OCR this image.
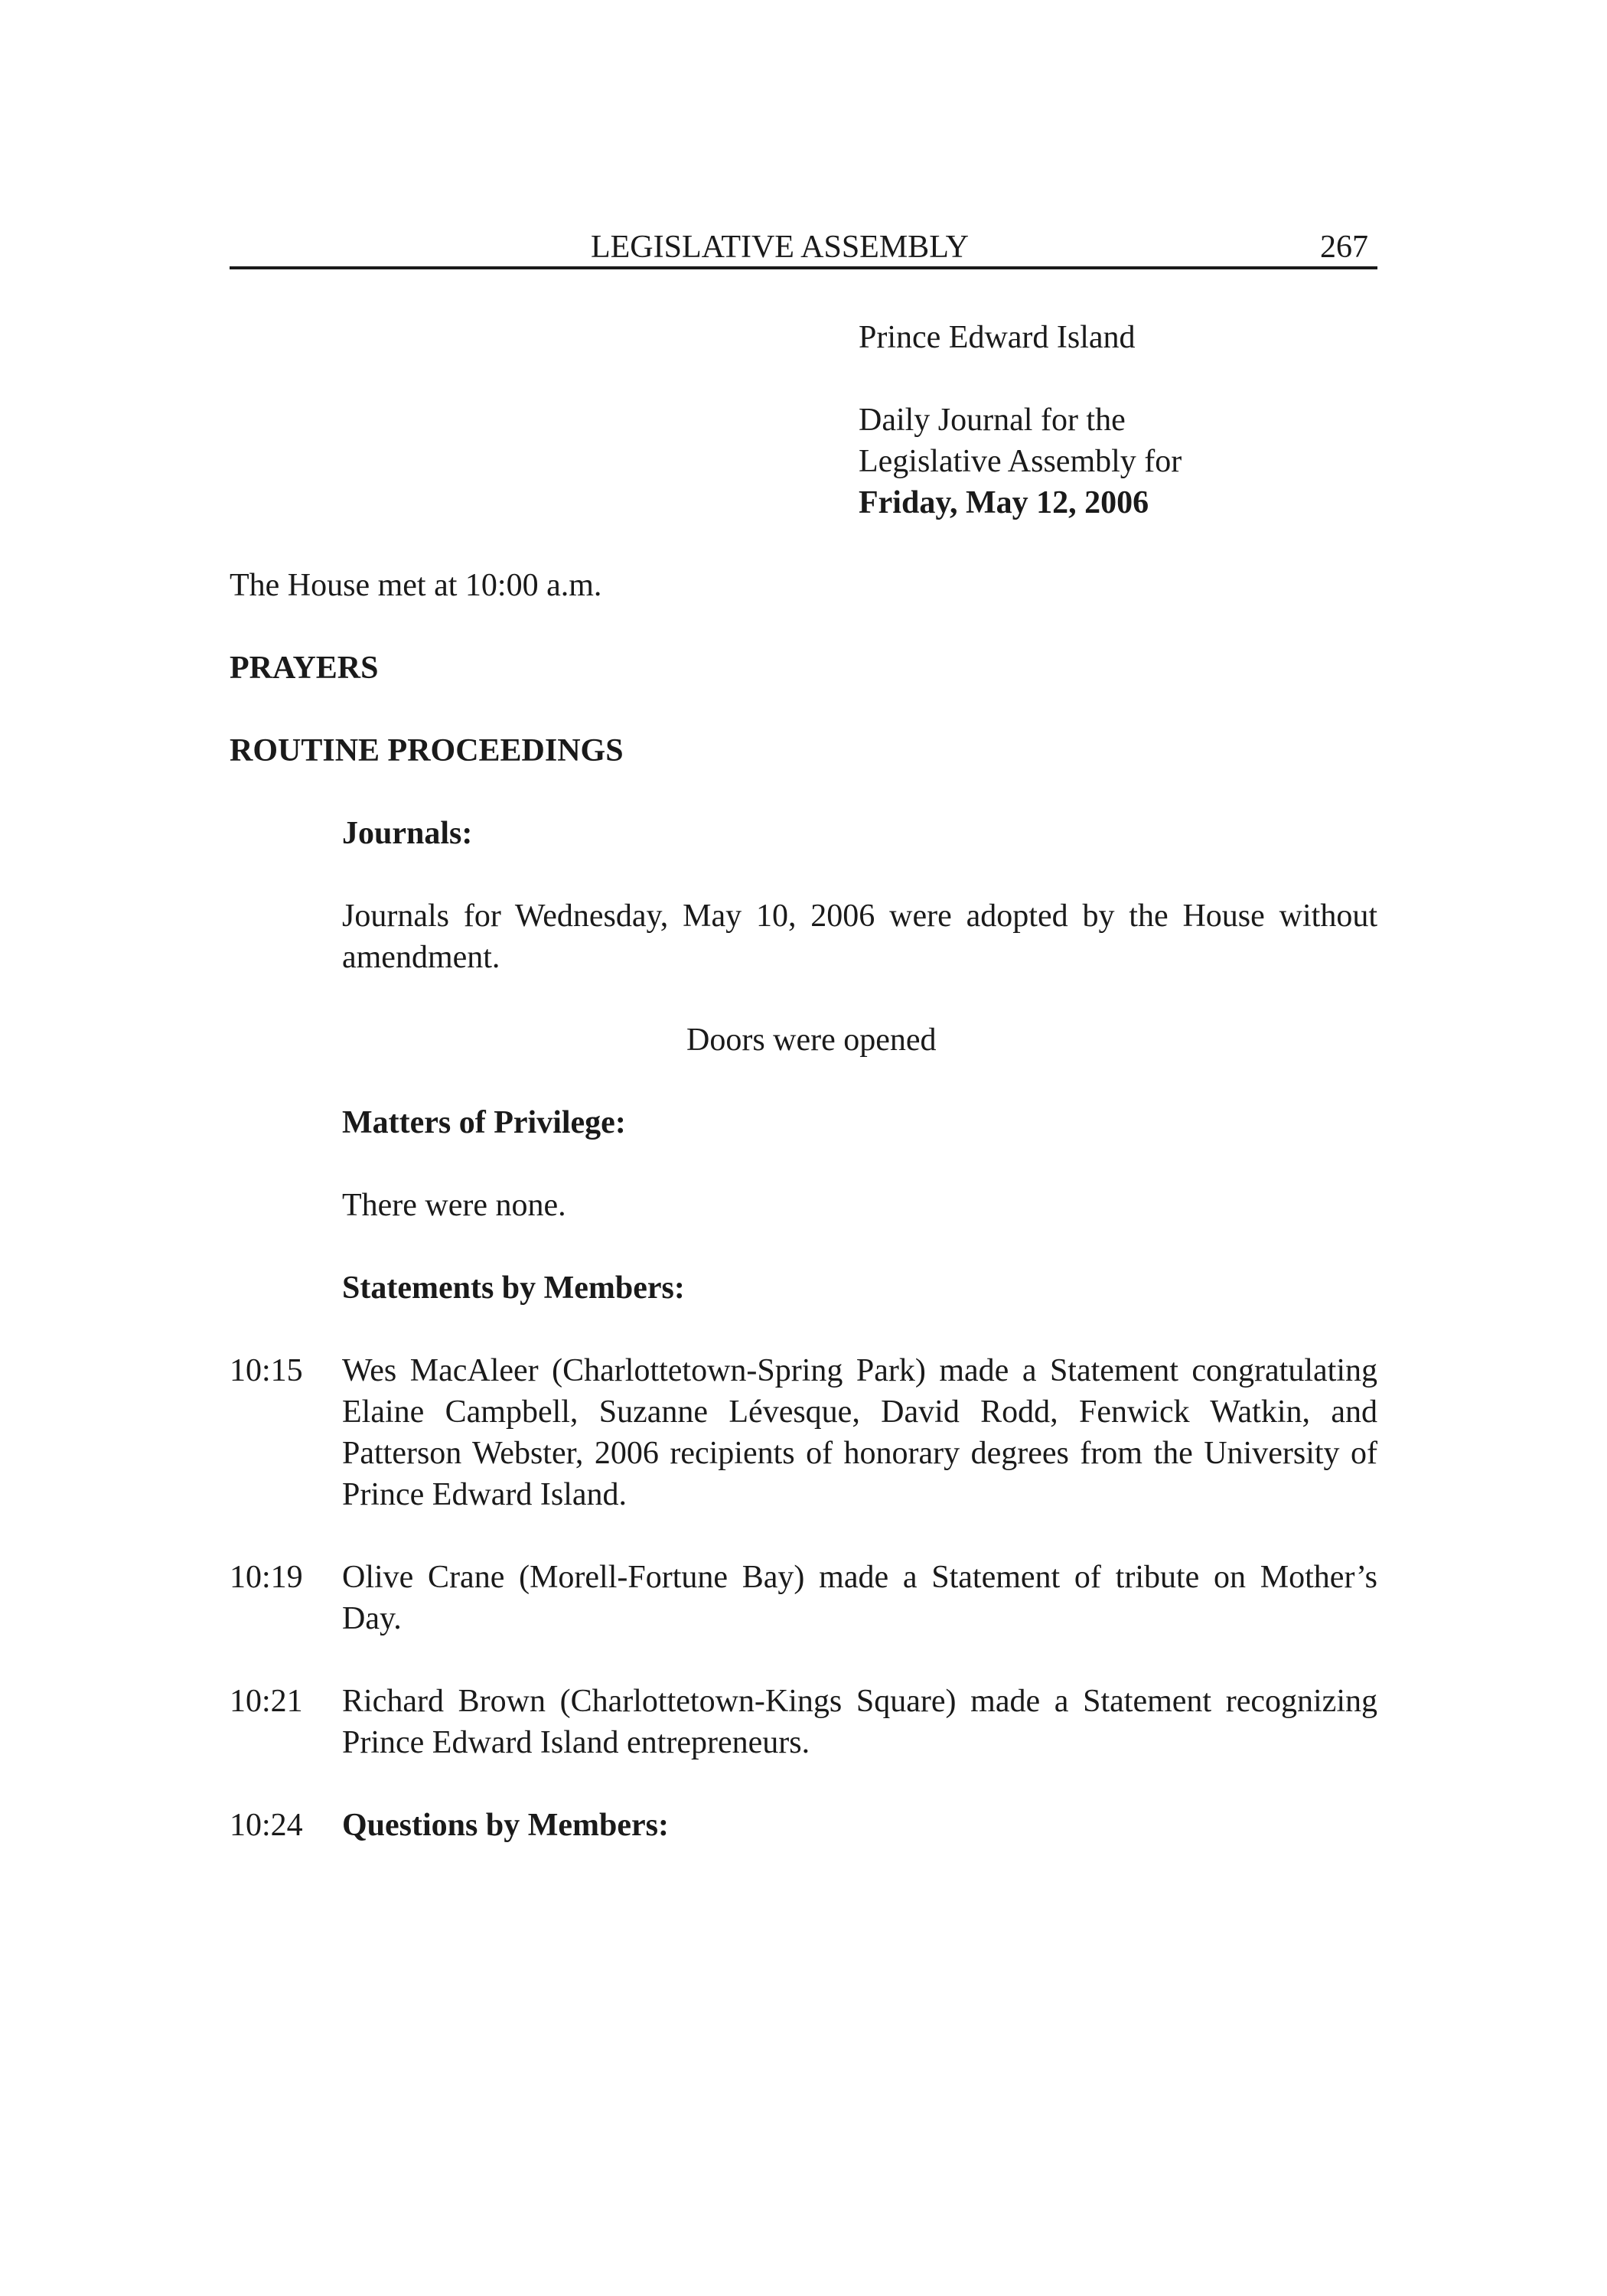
LEGISLATIVE ASSEMBLY	267
Prince Edward Island
Daily Journal for the
Legislative Assembly for
Friday, May 12, 2006
The House met at 10:00 a.m.
PRAYERS
ROUTINE PROCEEDINGS
Journals:
Journals for Wednesday, May 10, 2006 were adopted by the House without amendment.
Doors were opened
Matters of Privilege:
There were none.
Statements by Members:
10:15 Wes MacAleer (Charlottetown-Spring Park) made a Statement congratulating Elaine Campbell, Suzanne Lévesque, David Rodd, Fenwick Watkin, and Patterson Webster, 2006 recipients of honorary degrees from the University of Prince Edward Island.
10:19 Olive Crane (Morell-Fortune Bay) made a Statement of tribute on Mother’s Day.
10:21 Richard Brown (Charlottetown-Kings Square) made a Statement recognizing Prince Edward Island entrepreneurs.
10:24 Questions by Members:
